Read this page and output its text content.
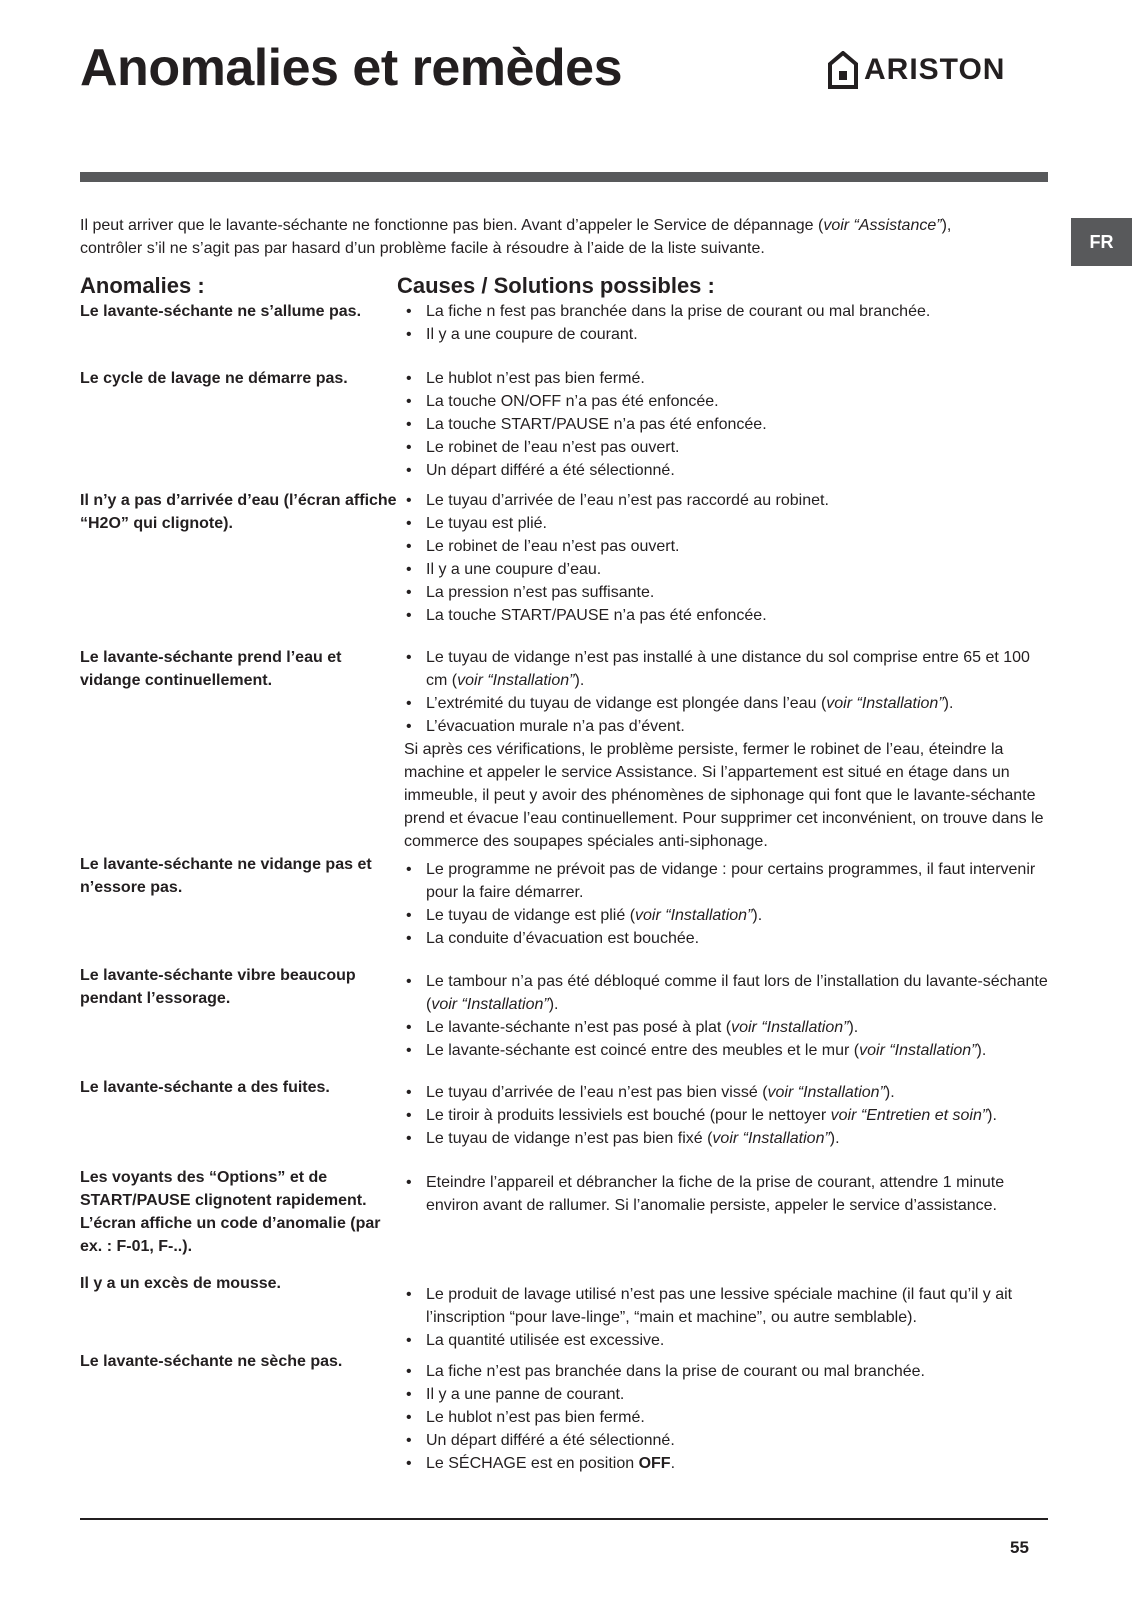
Anomalies et remèdes	ARISTON
FR

Il peut arriver que le lavante-séchante ne fonctionne pas bien. Avant d’appeler le Service de dépannage (voir “Assistance”),
contrôler s’il ne s’agit pas par hasard d’un problème facile à résoudre à l’aide de la liste suivante.

Anomalies :	Causes / Solutions possibles :
Le lavante-séchante ne s’allume pas.	• La fiche n fest pas branchée dans la prise de courant ou mal branchée.
• Il y a une coupure de courant.
Le cycle de lavage ne démarre pas.	• Le hublot n’est pas bien fermé.
• La touche ON/OFF n’a pas été enfoncée.
• La touche START/PAUSE n’a pas été enfoncée.
• Le robinet de l’eau n’est pas ouvert.
• Un départ différé a été sélectionné.
Il n’y a pas d’arrivée d’eau (l’écran affiche “H2O” qui clignote).
• Le tuyau d’arrivée de l’eau n’est pas raccordé au robinet.
• Le tuyau est plié.
• Le robinet de l’eau n’est pas ouvert.
• Il y a une coupure d’eau.
• La pression n’est pas suffisante.
• La touche START/PAUSE n’a pas été enfoncée.
Le lavante-séchante prend l’eau et vidange continuellement.
• Le tuyau de vidange n’est pas installé à une distance du sol comprise entre 65 et 100 cm (voir “Installation”).
• L’extrémité du tuyau de vidange est plongée dans l’eau (voir “Installation”).
• L’évacuation murale n’a pas d’évent.

Si après ces vérifications, le problème persiste, fermer le robinet de l’eau, éteindre la machine et appeler le service Assistance. Si l’appartement est situé en étage dans un immeuble, il peut y avoir des phénomènes de siphonage qui font que le lavante-séchante prend et évacue l’eau continuellement. Pour supprimer cet inconvénient, on trouve dans le commerce des soupapes spéciales anti-siphonage.

Le lavante-séchante ne vidange pas et n’essore pas.
• Le programme ne prévoit pas de vidange : pour certains programmes, il faut intervenir pour la faire démarrer.
• Le tuyau de vidange est plié (voir “Installation”).
• La conduite d’évacuation est bouchée.
Le lavante-séchante vibre beaucoup pendant l’essorage.
• Le tambour n’a pas été débloqué comme il faut lors de l’installation du lavante-séchante (voir “Installation”).
• Le lavante-séchante n’est pas posé à plat (voir “Installation”).
• Le lavante-séchante est coincé entre des meubles et le mur (voir “Installation”).
Le lavante-séchante a des fuites.	• Le tuyau d’arrivée de l’eau n’est pas bien vissé (voir “Installation”).
• Le tiroir à produits lessiviels est bouché (pour le nettoyer voir “Entretien et soin”).
• Le tuyau de vidange n’est pas bien fixé (voir “Installation”).
Les voyants des “Options” et de START/PAUSE clignotent rapidement. L’écran affiche un code d’anomalie (par ex. : F-01, F-..).
• Eteindre l’appareil et débrancher la fiche de la prise de courant, attendre 1 minute environ avant de rallumer. Si l’anomalie persiste, appeler le service d’assistance.
Il y a un excès de mousse.
• Le produit de lavage utilisé n’est pas une lessive spéciale machine (il faut qu’il y ait l’inscription “pour lave-linge”, “main et machine”, ou autre semblable).
• La quantité utilisée est excessive.
Le lavante-séchante ne sèche pas.
• La fiche n’est pas branchée dans la prise de courant ou mal branchée.
• Il y a une panne de courant.
• Le hublot n’est pas bien fermé.
• Un départ différé a été sélectionné.
• Le SÉCHAGE est en position OFF.
55
